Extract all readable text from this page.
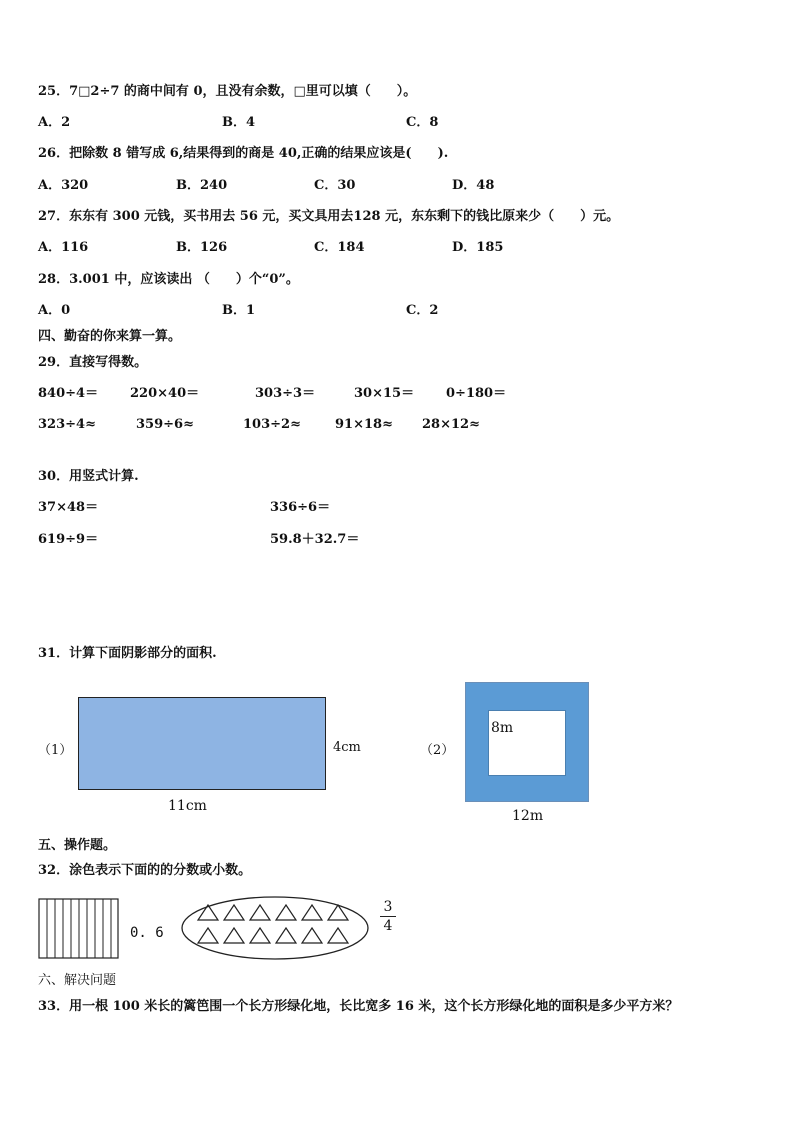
25．7□2÷7 的商中间有 0，且没有余数，□里可以填（　　）。
A．2	B．4	C．8
26．把除数 8 错写成 6,结果得到的商是 40,正确的结果应该是(　　).
A．320	B．240	C．30	D．48
27．东东有 300 元钱，买书用去 56 元，买文具用去128 元，东东剩下的钱比原来少（　　）元。
A．116	B．126	C．184	D．185
28．3.001 中，应该读出 （　　）个“0”。
A．0	B．1	C．2
四、勤奋的你来算一算。
29．直接写得数。
840÷4＝ 220×40＝	303÷3＝	30×15＝ 0÷180＝
323÷4≈	359÷6≈	103÷2≈	91×18≈ 28×12≈
30．用竖式计算.
37×48＝	336÷6＝
619÷9＝	59.8＋32.7＝
31．计算下面阴影部分的面积.
（1）	4cm
11cm
（2）
8m
12m
五、操作题。
32．涂色表示下面的的分数或小数。
0. 6
3
4
六、解决问题
33．用一根 100 米长的篱笆围一个长方形绿化地，长比宽多 16 米，这个长方形绿化地的面积是多少平方米？
